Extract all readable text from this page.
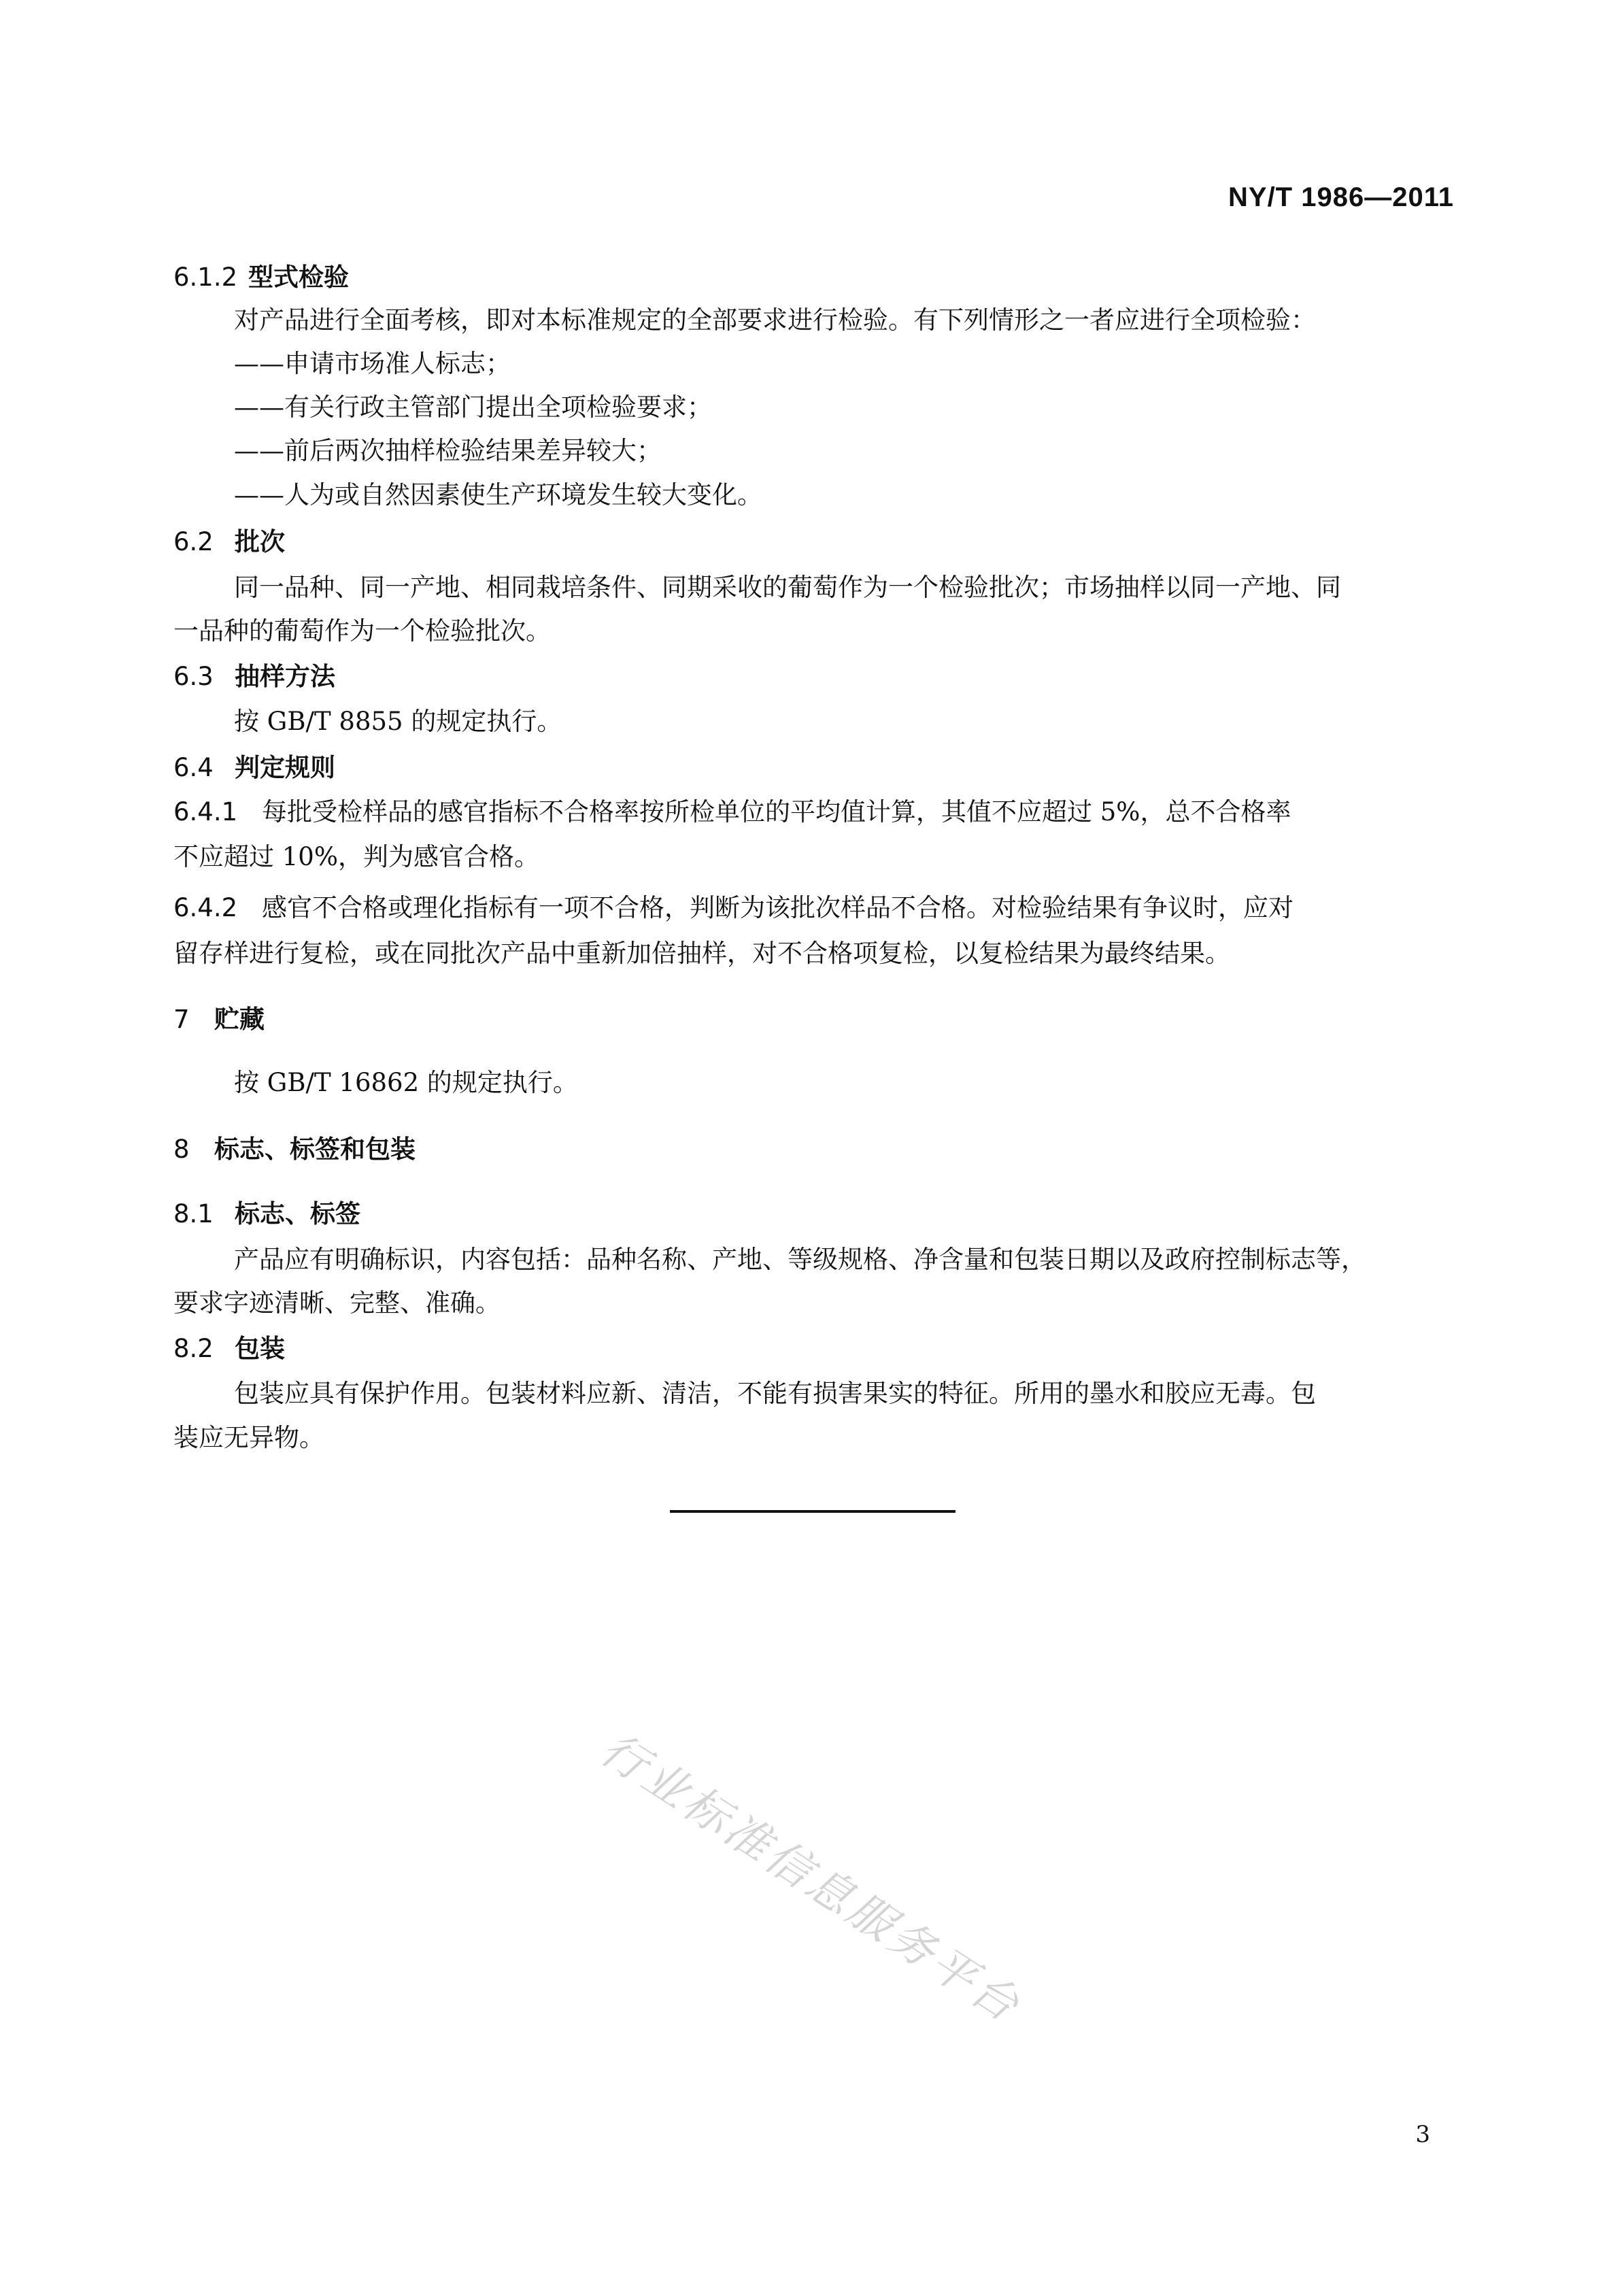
NY/T 1986—2011
6.1.2 型式检验
对产品进行全面考核，即对本标准规定的全部要求进行检验。有下列情形之一者应进行全项检验：
——申请市场准人标志；
——有关行政主管部门提出全项检验要求；
——前后两次抽样检验结果差异较大；
——人为或自然因素使生产环境发生较大变化。
6.2 批次
同一品种、同一产地、相同栽培条件、同期采收的葡萄作为一个检验批次；市场抽样以同一产地、同
一品种的葡萄作为一个检验批次。
6.3 抽样方法
按 GB/T 8855 的规定执行。
6.4 判定规则
6.4.1 每批受检样品的感官指标不合格率按所检单位的平均值计算，其值不应超过 5%，总不合格率
不应超过 10%，判为感官合格。
6.4.2 感官不合格或理化指标有一项不合格，判断为该批次样品不合格。对检验结果有争议时，应对
留存样进行复检，或在同批次产品中重新加倍抽样，对不合格项复检，以复检结果为最终结果。
7 贮藏
按 GB/T 16862 的规定执行。
8 标志、标签和包装
8.1 标志、标签
产品应有明确标识，内容包括：品种名称、产地、等级规格、净含量和包装日期以及政府控制标志等，
要求字迹清晰、完整、准确。
8.2 包装
包装应具有保护作用。包装材料应新、清洁，不能有损害果实的特征。所用的墨水和胶应无毒。包
装应无异物。
行业标准信息服务平台
3
